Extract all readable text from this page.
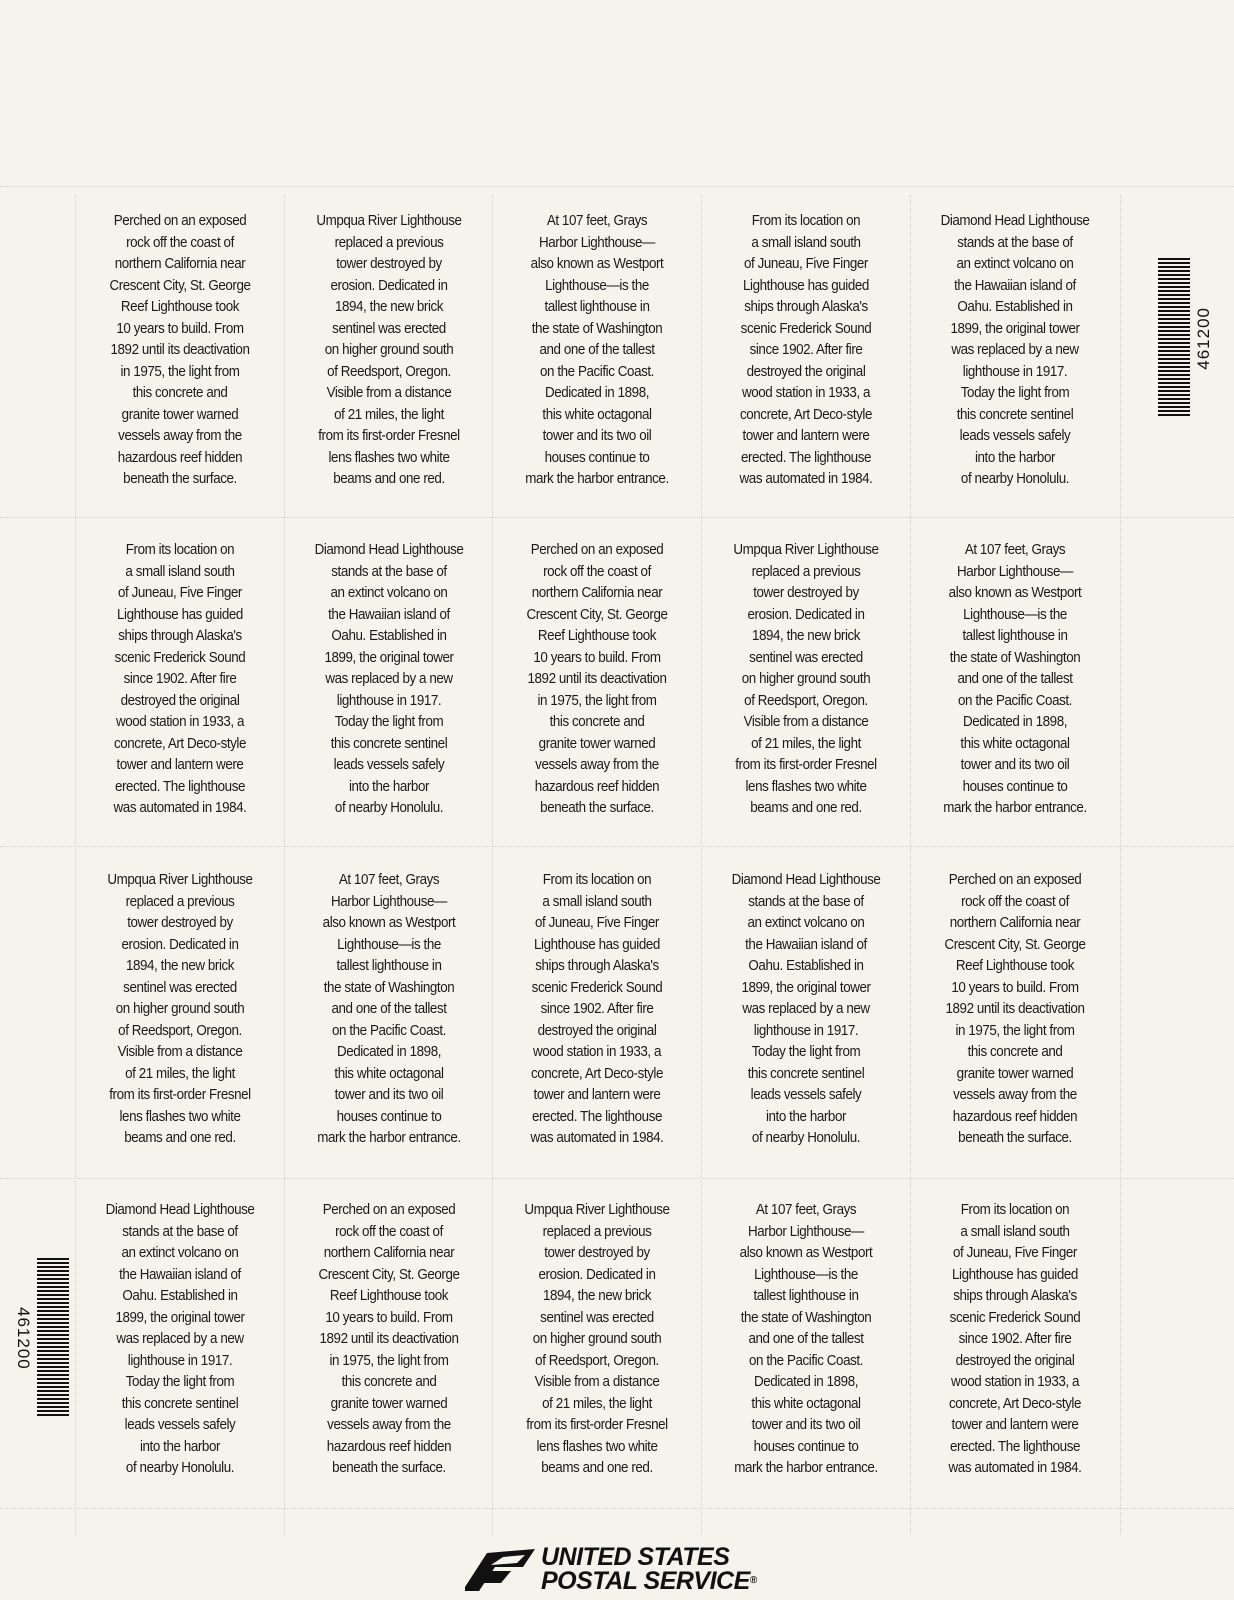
Perched on an exposed
rock off the coast of
northern California near
Crescent City, St. George
Reef Lighthouse took
10 years to build. From
1892 until its deactivation
in 1975, the light from
this concrete and
granite tower warned
vessels away from the
hazardous reef hidden
beneath the surface.
Umpqua River Lighthouse
replaced a previous
tower destroyed by
erosion. Dedicated in
1894, the new brick
sentinel was erected
on higher ground south
of Reedsport, Oregon.
Visible from a distance
of 21 miles, the light
from its first-order Fresnel
lens flashes two white
beams and one red.
At 107 feet, Grays
Harbor Lighthouse—
also known as Westport
Lighthouse—is the
tallest lighthouse in
the state of Washington
and one of the tallest
on the Pacific Coast.
Dedicated in 1898,
this white octagonal
tower and its two oil
houses continue to
mark the harbor entrance.
From its location on
a small island south
of Juneau, Five Finger
Lighthouse has guided
ships through Alaska's
scenic Frederick Sound
since 1902. After fire
destroyed the original
wood station in 1933, a
concrete, Art Deco-style
tower and lantern were
erected. The lighthouse
was automated in 1984.
Diamond Head Lighthouse
stands at the base of
an extinct volcano on
the Hawaiian island of
Oahu. Established in
1899, the original tower
was replaced by a new
lighthouse in 1917.
Today the light from
this concrete sentinel
leads vessels safely
into the harbor
of nearby Honolulu.
From its location on
a small island south
of Juneau, Five Finger
Lighthouse has guided
ships through Alaska's
scenic Frederick Sound
since 1902. After fire
destroyed the original
wood station in 1933, a
concrete, Art Deco-style
tower and lantern were
erected. The lighthouse
was automated in 1984.
Diamond Head Lighthouse
stands at the base of
an extinct volcano on
the Hawaiian island of
Oahu. Established in
1899, the original tower
was replaced by a new
lighthouse in 1917.
Today the light from
this concrete sentinel
leads vessels safely
into the harbor
of nearby Honolulu.
Perched on an exposed
rock off the coast of
northern California near
Crescent City, St. George
Reef Lighthouse took
10 years to build. From
1892 until its deactivation
in 1975, the light from
this concrete and
granite tower warned
vessels away from the
hazardous reef hidden
beneath the surface.
Umpqua River Lighthouse
replaced a previous
tower destroyed by
erosion. Dedicated in
1894, the new brick
sentinel was erected
on higher ground south
of Reedsport, Oregon.
Visible from a distance
of 21 miles, the light
from its first-order Fresnel
lens flashes two white
beams and one red.
At 107 feet, Grays
Harbor Lighthouse—
also known as Westport
Lighthouse—is the
tallest lighthouse in
the state of Washington
and one of the tallest
on the Pacific Coast.
Dedicated in 1898,
this white octagonal
tower and its two oil
houses continue to
mark the harbor entrance.
Umpqua River Lighthouse
replaced a previous
tower destroyed by
erosion. Dedicated in
1894, the new brick
sentinel was erected
on higher ground south
of Reedsport, Oregon.
Visible from a distance
of 21 miles, the light
from its first-order Fresnel
lens flashes two white
beams and one red.
At 107 feet, Grays
Harbor Lighthouse—
also known as Westport
Lighthouse—is the
tallest lighthouse in
the state of Washington
and one of the tallest
on the Pacific Coast.
Dedicated in 1898,
this white octagonal
tower and its two oil
houses continue to
mark the harbor entrance.
From its location on
a small island south
of Juneau, Five Finger
Lighthouse has guided
ships through Alaska's
scenic Frederick Sound
since 1902. After fire
destroyed the original
wood station in 1933, a
concrete, Art Deco-style
tower and lantern were
erected. The lighthouse
was automated in 1984.
Diamond Head Lighthouse
stands at the base of
an extinct volcano on
the Hawaiian island of
Oahu. Established in
1899, the original tower
was replaced by a new
lighthouse in 1917.
Today the light from
this concrete sentinel
leads vessels safely
into the harbor
of nearby Honolulu.
Perched on an exposed
rock off the coast of
northern California near
Crescent City, St. George
Reef Lighthouse took
10 years to build. From
1892 until its deactivation
in 1975, the light from
this concrete and
granite tower warned
vessels away from the
hazardous reef hidden
beneath the surface.
Diamond Head Lighthouse
stands at the base of
an extinct volcano on
the Hawaiian island of
Oahu. Established in
1899, the original tower
was replaced by a new
lighthouse in 1917.
Today the light from
this concrete sentinel
leads vessels safely
into the harbor
of nearby Honolulu.
Perched on an exposed
rock off the coast of
northern California near
Crescent City, St. George
Reef Lighthouse took
10 years to build. From
1892 until its deactivation
in 1975, the light from
this concrete and
granite tower warned
vessels away from the
hazardous reef hidden
beneath the surface.
Umpqua River Lighthouse
replaced a previous
tower destroyed by
erosion. Dedicated in
1894, the new brick
sentinel was erected
on higher ground south
of Reedsport, Oregon.
Visible from a distance
of 21 miles, the light
from its first-order Fresnel
lens flashes two white
beams and one red.
At 107 feet, Grays
Harbor Lighthouse—
also known as Westport
Lighthouse—is the
tallest lighthouse in
the state of Washington
and one of the tallest
on the Pacific Coast.
Dedicated in 1898,
this white octagonal
tower and its two oil
houses continue to
mark the harbor entrance.
From its location on
a small island south
of Juneau, Five Finger
Lighthouse has guided
ships through Alaska's
scenic Frederick Sound
since 1902. After fire
destroyed the original
wood station in 1933, a
concrete, Art Deco-style
tower and lantern were
erected. The lighthouse
was automated in 1984.
461200
461200
UNITED STATES
POSTAL SERVICE®
